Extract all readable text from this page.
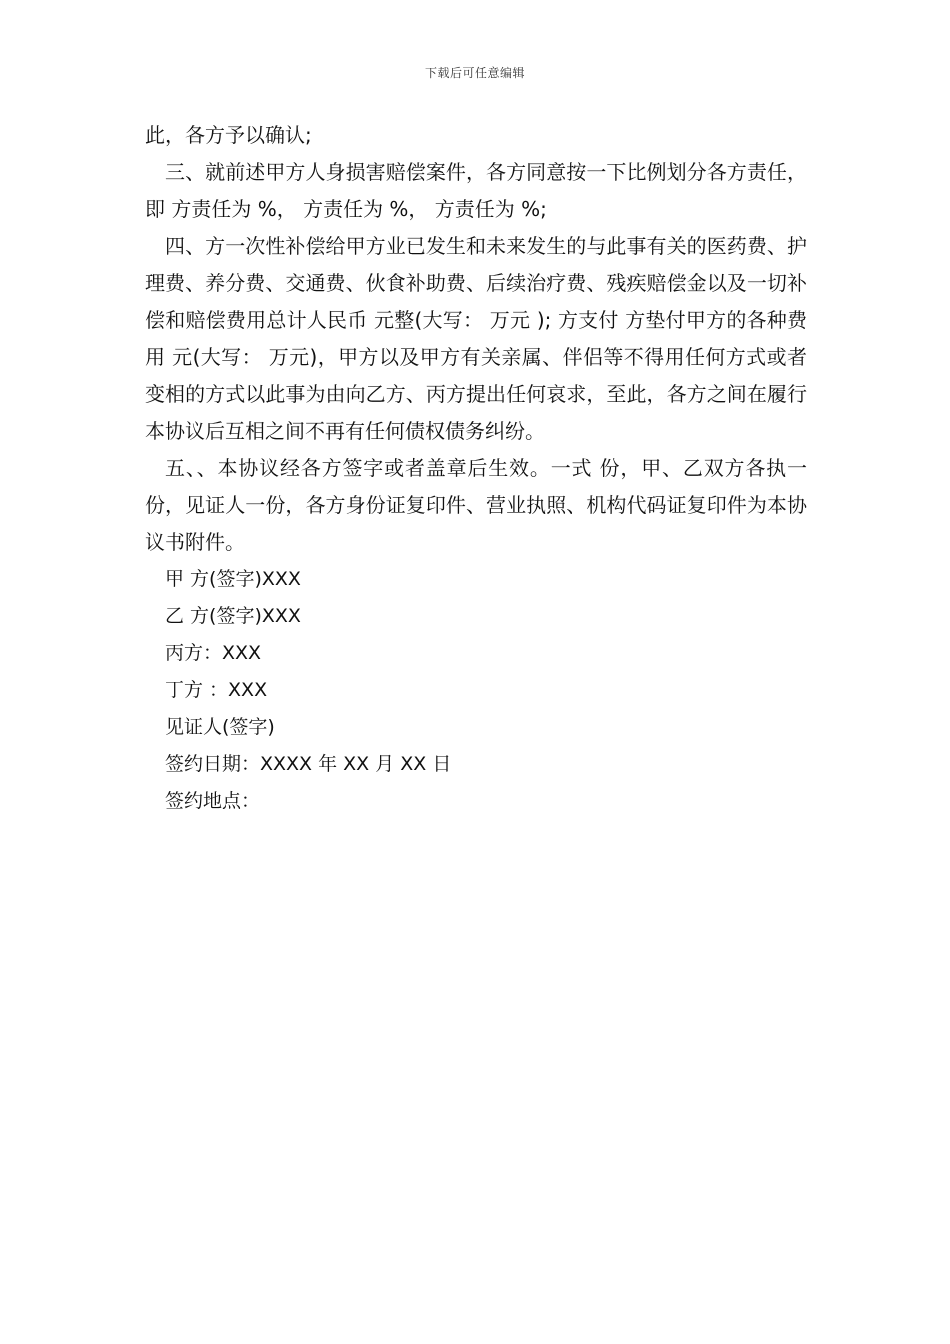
下载后可任意编辑

此，各方予以确认;

三、就前述甲方人身损害赔偿案件，各方同意按一下比例划分各方责任，即 方责任为 %， 方责任为 %， 方责任为 %;

四、方一次性补偿给甲方业已发生和未来发生的与此事有关的医药费、护理费、养分费、交通费、伙食补助费、后续治疗费、残疾赔偿金以及一切补偿和赔偿费用总计人民币 元整(大写： 万元 ); 方支付 方垫付甲方的各种费用 元(大写： 万元)，甲方以及甲方有关亲属、伴侣等不得用任何方式或者变相的方式以此事为由向乙方、丙方提出任何哀求，至此，各方之间在履行本协议后互相之间不再有任何债权债务纠纷。

五、、本协议经各方签字或者盖章后生效。一式 份，甲、乙双方各执一份，见证人一份，各方身份证复印件、营业执照、机构代码证复印件为本协议书附件。

甲 方(签字)XXX

乙 方(签字)XXX

丙方：XXX

丁方 ：XXX

见证人(签字)

签约日期：XXXX 年 XX 月 XX 日

签约地点：
